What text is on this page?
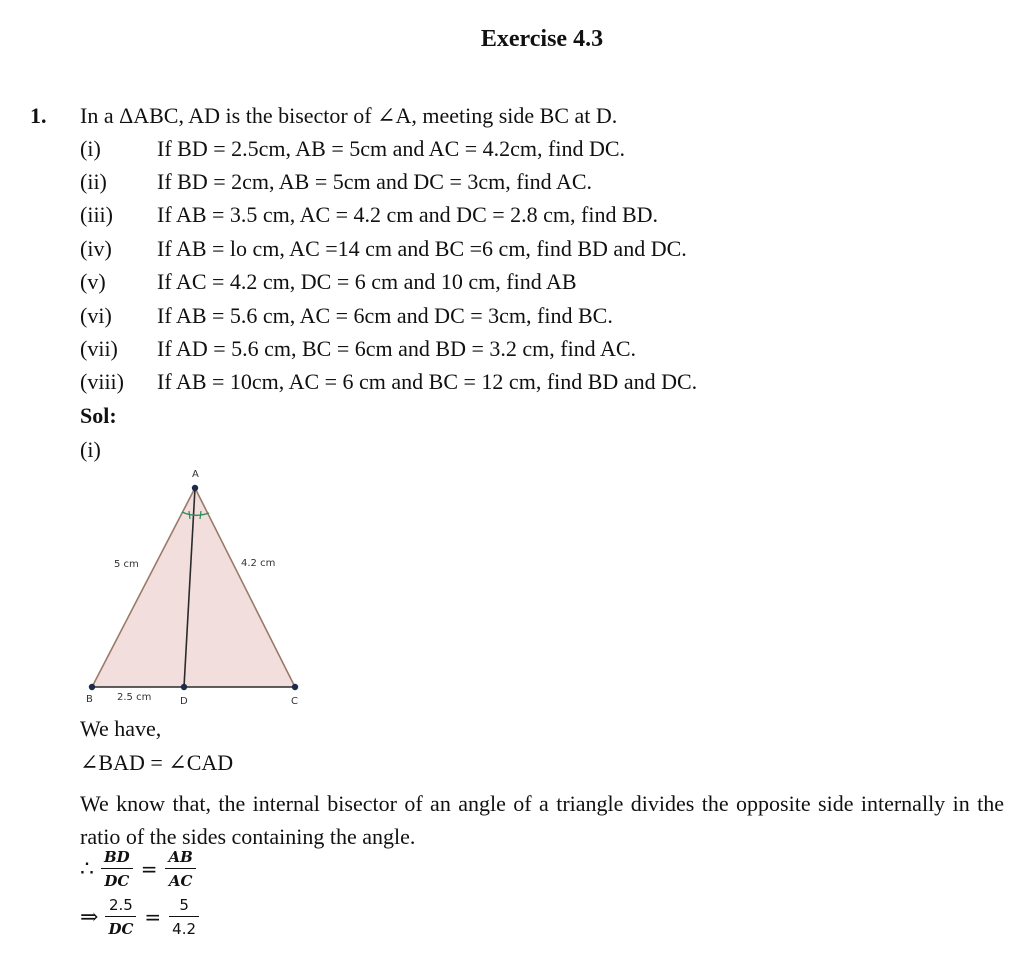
Exercise 4.3
1. In a ΔABC, AD is the bisector of ∠A, meeting side BC at D.
(i)	If BD = 2.5cm, AB = 5cm and AC = 4.2cm, find DC.
(ii) If BD = 2cm, AB = 5cm and DC = 3cm, find AC.
(iii) If AB = 3.5 cm, AC = 4.2 cm and DC = 2.8 cm, find BD.
(iv) If AB = lo cm, AC =14 cm and BC =6 cm, find BD and DC.
(v) If AC = 4.2 cm, DC = 6 cm and 10 cm, find AB
(vi) If AB = 5.6 cm, AC = 6cm and DC = 3cm, find BC.
(vii) If AD = 5.6 cm, BC = 6cm and BD = 3.2 cm, find AC.
(viii) If AB = 10cm, AC = 6 cm and BC = 12 cm, find BD and DC.
Sol:
(i)
A
B	C
D
5 cm	4.2 cm
2.5 cm
We have,
∠BAD = ∠CAD
We know that, the internal bisector of an angle of a triangle divides the opposite side internally in the ratio of the sides containing the angle.
∴ $\frac{BD}{DC} = \frac{AB}{AC}$
⇒ $\frac{2.5}{DC} = \frac{5}{4.2}$
